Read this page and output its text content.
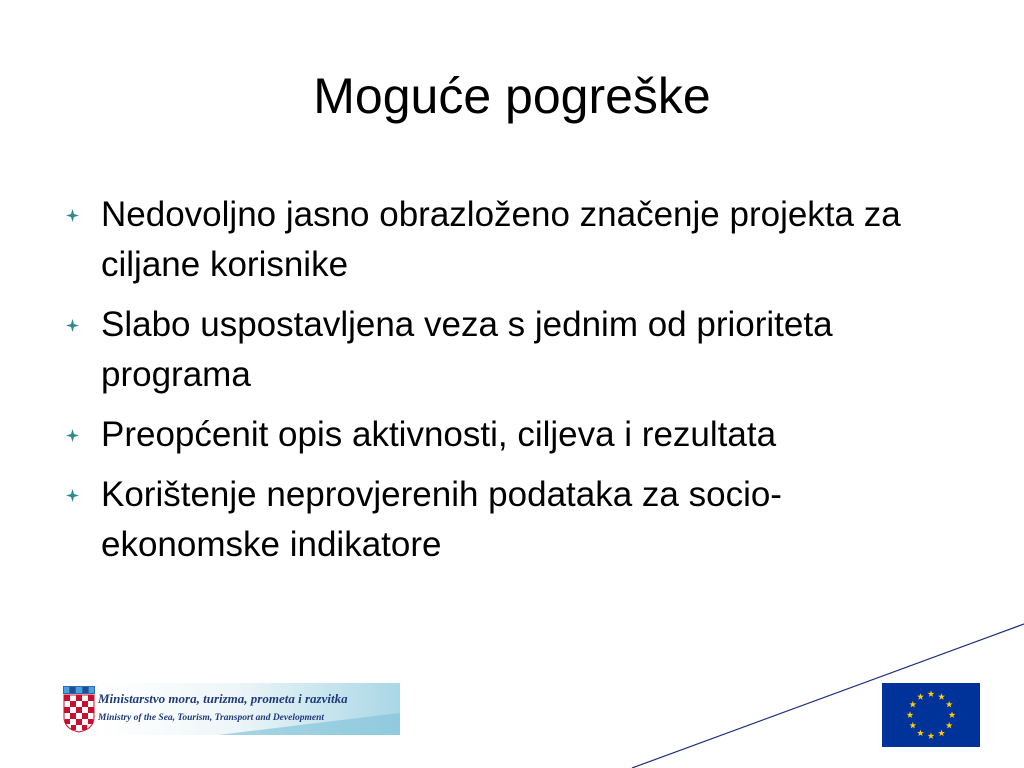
Moguće pogreške
Nedovoljno jasno obrazloženo značenje projekta za ciljane korisnike
Slabo uspostavljena veza s jednim od prioriteta programa
Preopćenit opis aktivnosti, ciljeva i rezultata
Korištenje neprovjerenih podataka za socio-ekonomske indikatore
Ministarstvo mora, turizma, prometa i razvitka
Ministry of the Sea, Tourism, Transport and Development
